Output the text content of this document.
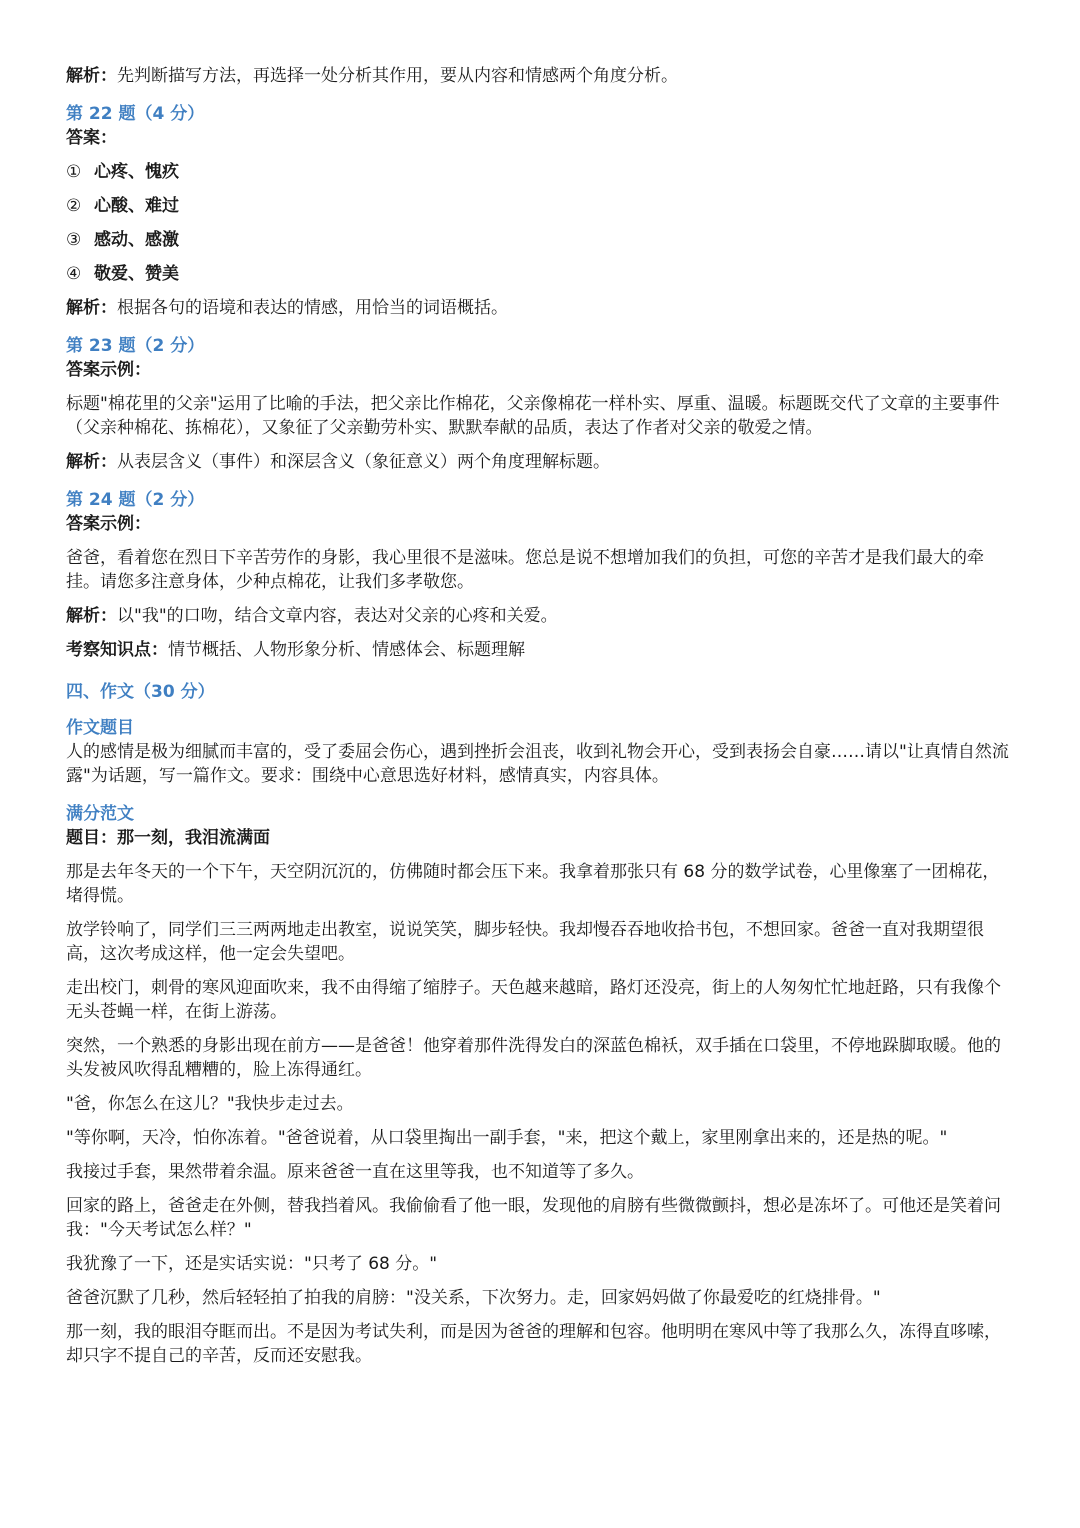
解析：先判断描写方法，再选择一处分析其作用，要从内容和情感两个角度分析。

第 22 题（4 分）

答案：

① 心疼、愧疚

② 心酸、难过

③ 感动、感激

④ 敬爱、赞美

解析：根据各句的语境和表达的情感，用恰当的词语概括。

第 23 题（2 分）

答案示例：

标题"棉花里的父亲"运用了比喻的手法，把父亲比作棉花，父亲像棉花一样朴实、厚重、温暖。标题既交代了文章的主要事件（父亲种棉花、拣棉花），又象征了父亲勤劳朴实、默默奉献的品质，表达了作者对父亲的敬爱之情。

解析：从表层含义（事件）和深层含义（象征意义）两个角度理解标题。

第 24 题（2 分）

答案示例：

爸爸，看着您在烈日下辛苦劳作的身影，我心里很不是滋味。您总是说不想增加我们的负担，可您的辛苦才是我们最大的牵挂。请您多注意身体，少种点棉花，让我们多孝敬您。

解析：以"我"的口吻，结合文章内容，表达对父亲的心疼和关爱。

考察知识点：情节概括、人物形象分析、情感体会、标题理解

四、作文（30 分）

作文题目

人的感情是极为细腻而丰富的，受了委屈会伤心，遇到挫折会沮丧，收到礼物会开心，受到表扬会自豪……请以"让真情自然流露"为话题，写一篇作文。要求：围绕中心意思选好材料，感情真实，内容具体。

满分范文

题目：那一刻，我泪流满面

那是去年冬天的一个下午，天空阴沉沉的，仿佛随时都会压下来。我拿着那张只有 68 分的数学试卷，心里像塞了一团棉花，堵得慌。

放学铃响了，同学们三三两两地走出教室，说说笑笑，脚步轻快。我却慢吞吞地收拾书包，不想回家。爸爸一直对我期望很高，这次考成这样，他一定会失望吧。

走出校门，刺骨的寒风迎面吹来，我不由得缩了缩脖子。天色越来越暗，路灯还没亮，街上的人匆匆忙忙地赶路，只有我像个无头苍蝇一样，在街上游荡。

突然，一个熟悉的身影出现在前方——是爸爸！他穿着那件洗得发白的深蓝色棉袄，双手插在口袋里，不停地跺脚取暖。他的头发被风吹得乱糟糟的，脸上冻得通红。

"爸，你怎么在这儿？"我快步走过去。

"等你啊，天冷，怕你冻着。"爸爸说着，从口袋里掏出一副手套，"来，把这个戴上，家里刚拿出来的，还是热的呢。"

我接过手套，果然带着余温。原来爸爸一直在这里等我，也不知道等了多久。

回家的路上，爸爸走在外侧，替我挡着风。我偷偷看了他一眼，发现他的肩膀有些微微颤抖，想必是冻坏了。可他还是笑着问我："今天考试怎么样？"

我犹豫了一下，还是实话实说："只考了 68 分。"

爸爸沉默了几秒，然后轻轻拍了拍我的肩膀："没关系，下次努力。走，回家妈妈做了你最爱吃的红烧排骨。"

那一刻，我的眼泪夺眶而出。不是因为考试失利，而是因为爸爸的理解和包容。他明明在寒风中等了我那么久，冻得直哆嗦，却只字不提自己的辛苦，反而还安慰我。
